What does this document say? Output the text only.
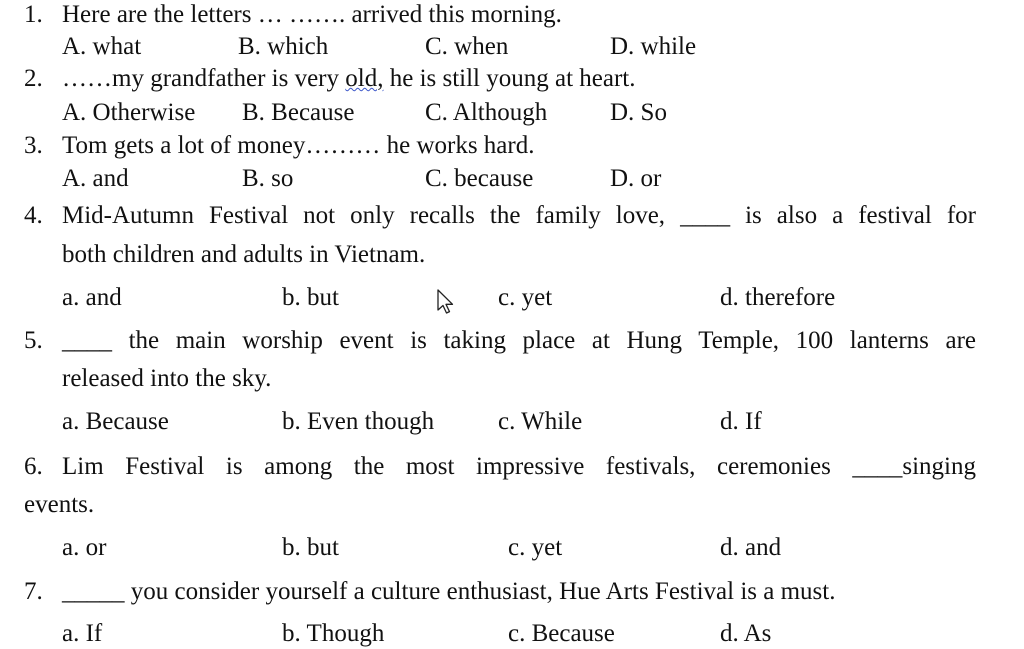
1. Here are the letters … ……. arrived this morning.
A. what	B. which	C. when	D. while
2. ……my grandfather is very old, he is still young at heart.
A. Otherwise B. Because	C. Although	D. So
3. Tom gets a lot of money……… he works hard.
A. and	B. so	C. because	D. or
4. Mid-Autumn Festival not only recalls the family love, ____ is also a festival for
both children and adults in Vietnam.
a. and	b. but	c. yet	d. therefore
5. ____ the main worship event is taking place at Hung Temple, 100 lanterns are
released into the sky.
a. Because	b. Even though	c. While	d. If
6. Lim Festival is among the most impressive festivals, ceremonies ____singing
events.
a. or	b. but	c. yet	d. and
7. _____ you consider yourself a culture enthusiast, Hue Arts Festival is a must.
a. If	b. Though	c. Because	d. As
